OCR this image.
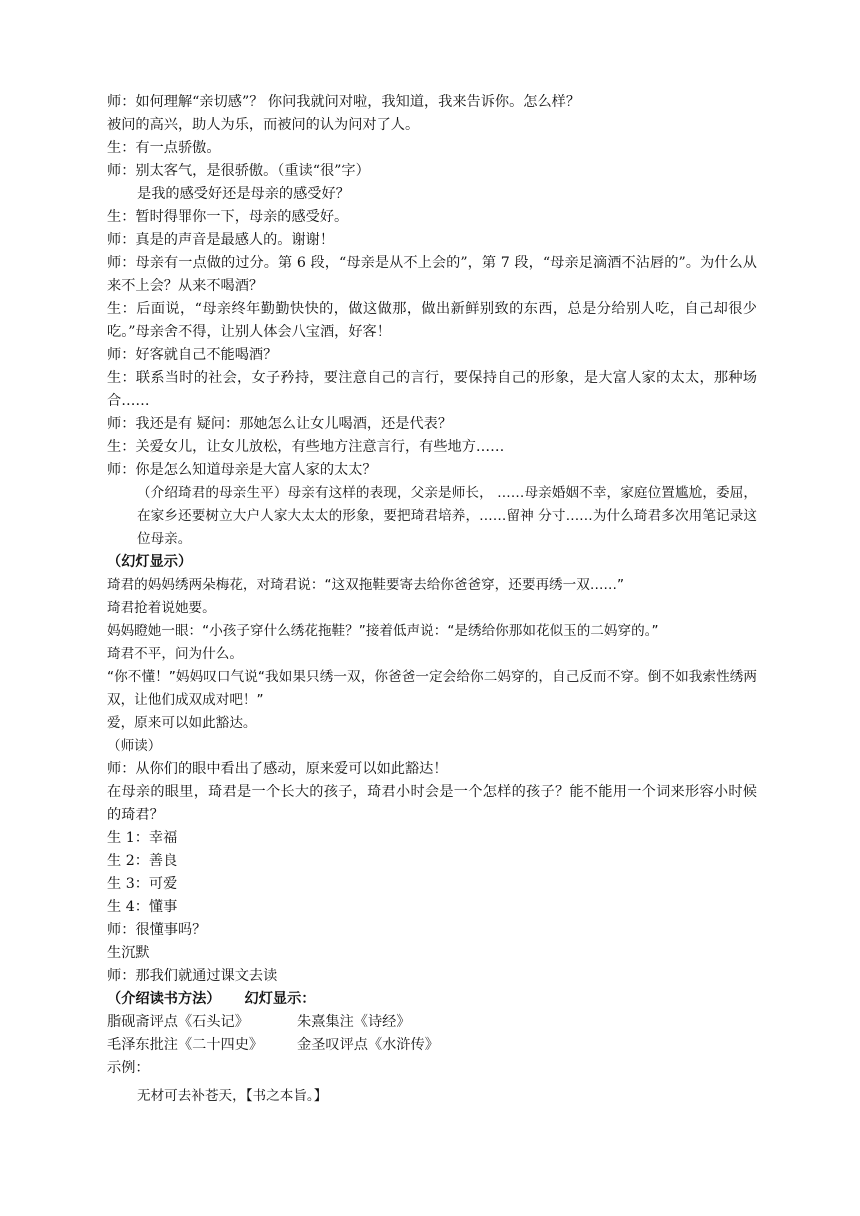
师：如何理解“亲切感”？ 你问我就问对啦，我知道，我来告诉你。怎么样？

被问的高兴，助人为乐，而被问的认为问对了人。

生：有一点骄傲。

师：别太客气，是很骄傲。（重读“很”字）

是我的感受好还是母亲的感受好？

生：暂时得罪你一下，母亲的感受好。

师：真是的声音是最感人的。谢谢！

师：母亲有一点做的过分。第 6 段，“母亲是从不上会的”，第 7 段，“母亲足滴酒不沾唇的”。为什么从来不上会？从来不喝酒？

生：后面说，“母亲终年勤勤快快的，做这做那，做出新鲜别致的东西，总是分给别人吃，自己却很少吃。”母亲舍不得，让别人体会八宝酒，好客！

师：好客就自己不能喝酒？

生：联系当时的社会，女子矜持，要注意自己的言行，要保持自己的形象，是大富人家的太太，那种场合……

师：我还是有 疑问：那她怎么让女儿喝酒，还是代表？

生：关爱女儿，让女儿放松，有些地方注意言行，有些地方……

师：你是怎么知道母亲是大富人家的太太？

（介绍琦君的母亲生平）母亲有这样的表现，父亲是师长， ……母亲婚姻不幸，家庭位置尴尬，委屈，在家乡还要树立大户人家大太太的形象，要把琦君培养，……留神 分寸……为什么琦君多次用笔记录这位母亲。

（幻灯显示）

琦君的妈妈绣两朵梅花，对琦君说：“这双拖鞋要寄去给你爸爸穿，还要再绣一双……”

琦君抢着说她要。

妈妈瞪她一眼：“小孩子穿什么绣花拖鞋？”接着低声说：“是绣给你那如花似玉的二妈穿的。”

琦君不平，问为什么。

“你不懂！”妈妈叹口气说“我如果只绣一双，你爸爸一定会给你二妈穿的，自己反而不穿。倒不如我索性绣两双，让他们成双成对吧！”

爱，原来可以如此豁达。

（师读）

师：从你们的眼中看出了感动，原来爱可以如此豁达！

在母亲的眼里，琦君是一个长大的孩子，琦君小时会是一个怎样的孩子？能不能用一个词来形容小时候的琦君？

生 1：幸福

生 2：善良

生 3：可爱

生 4：懂事

师：很懂事吗？

生沉默

师：那我们就通过课文去读

（介绍读书方法） 幻灯显示：

脂砚斋评点《石头记》	朱熹集注《诗经》
毛泽东批注《二十四史》	金圣叹评点《水浒传》

示例：

无材可去补苍天，【书之本旨。】
